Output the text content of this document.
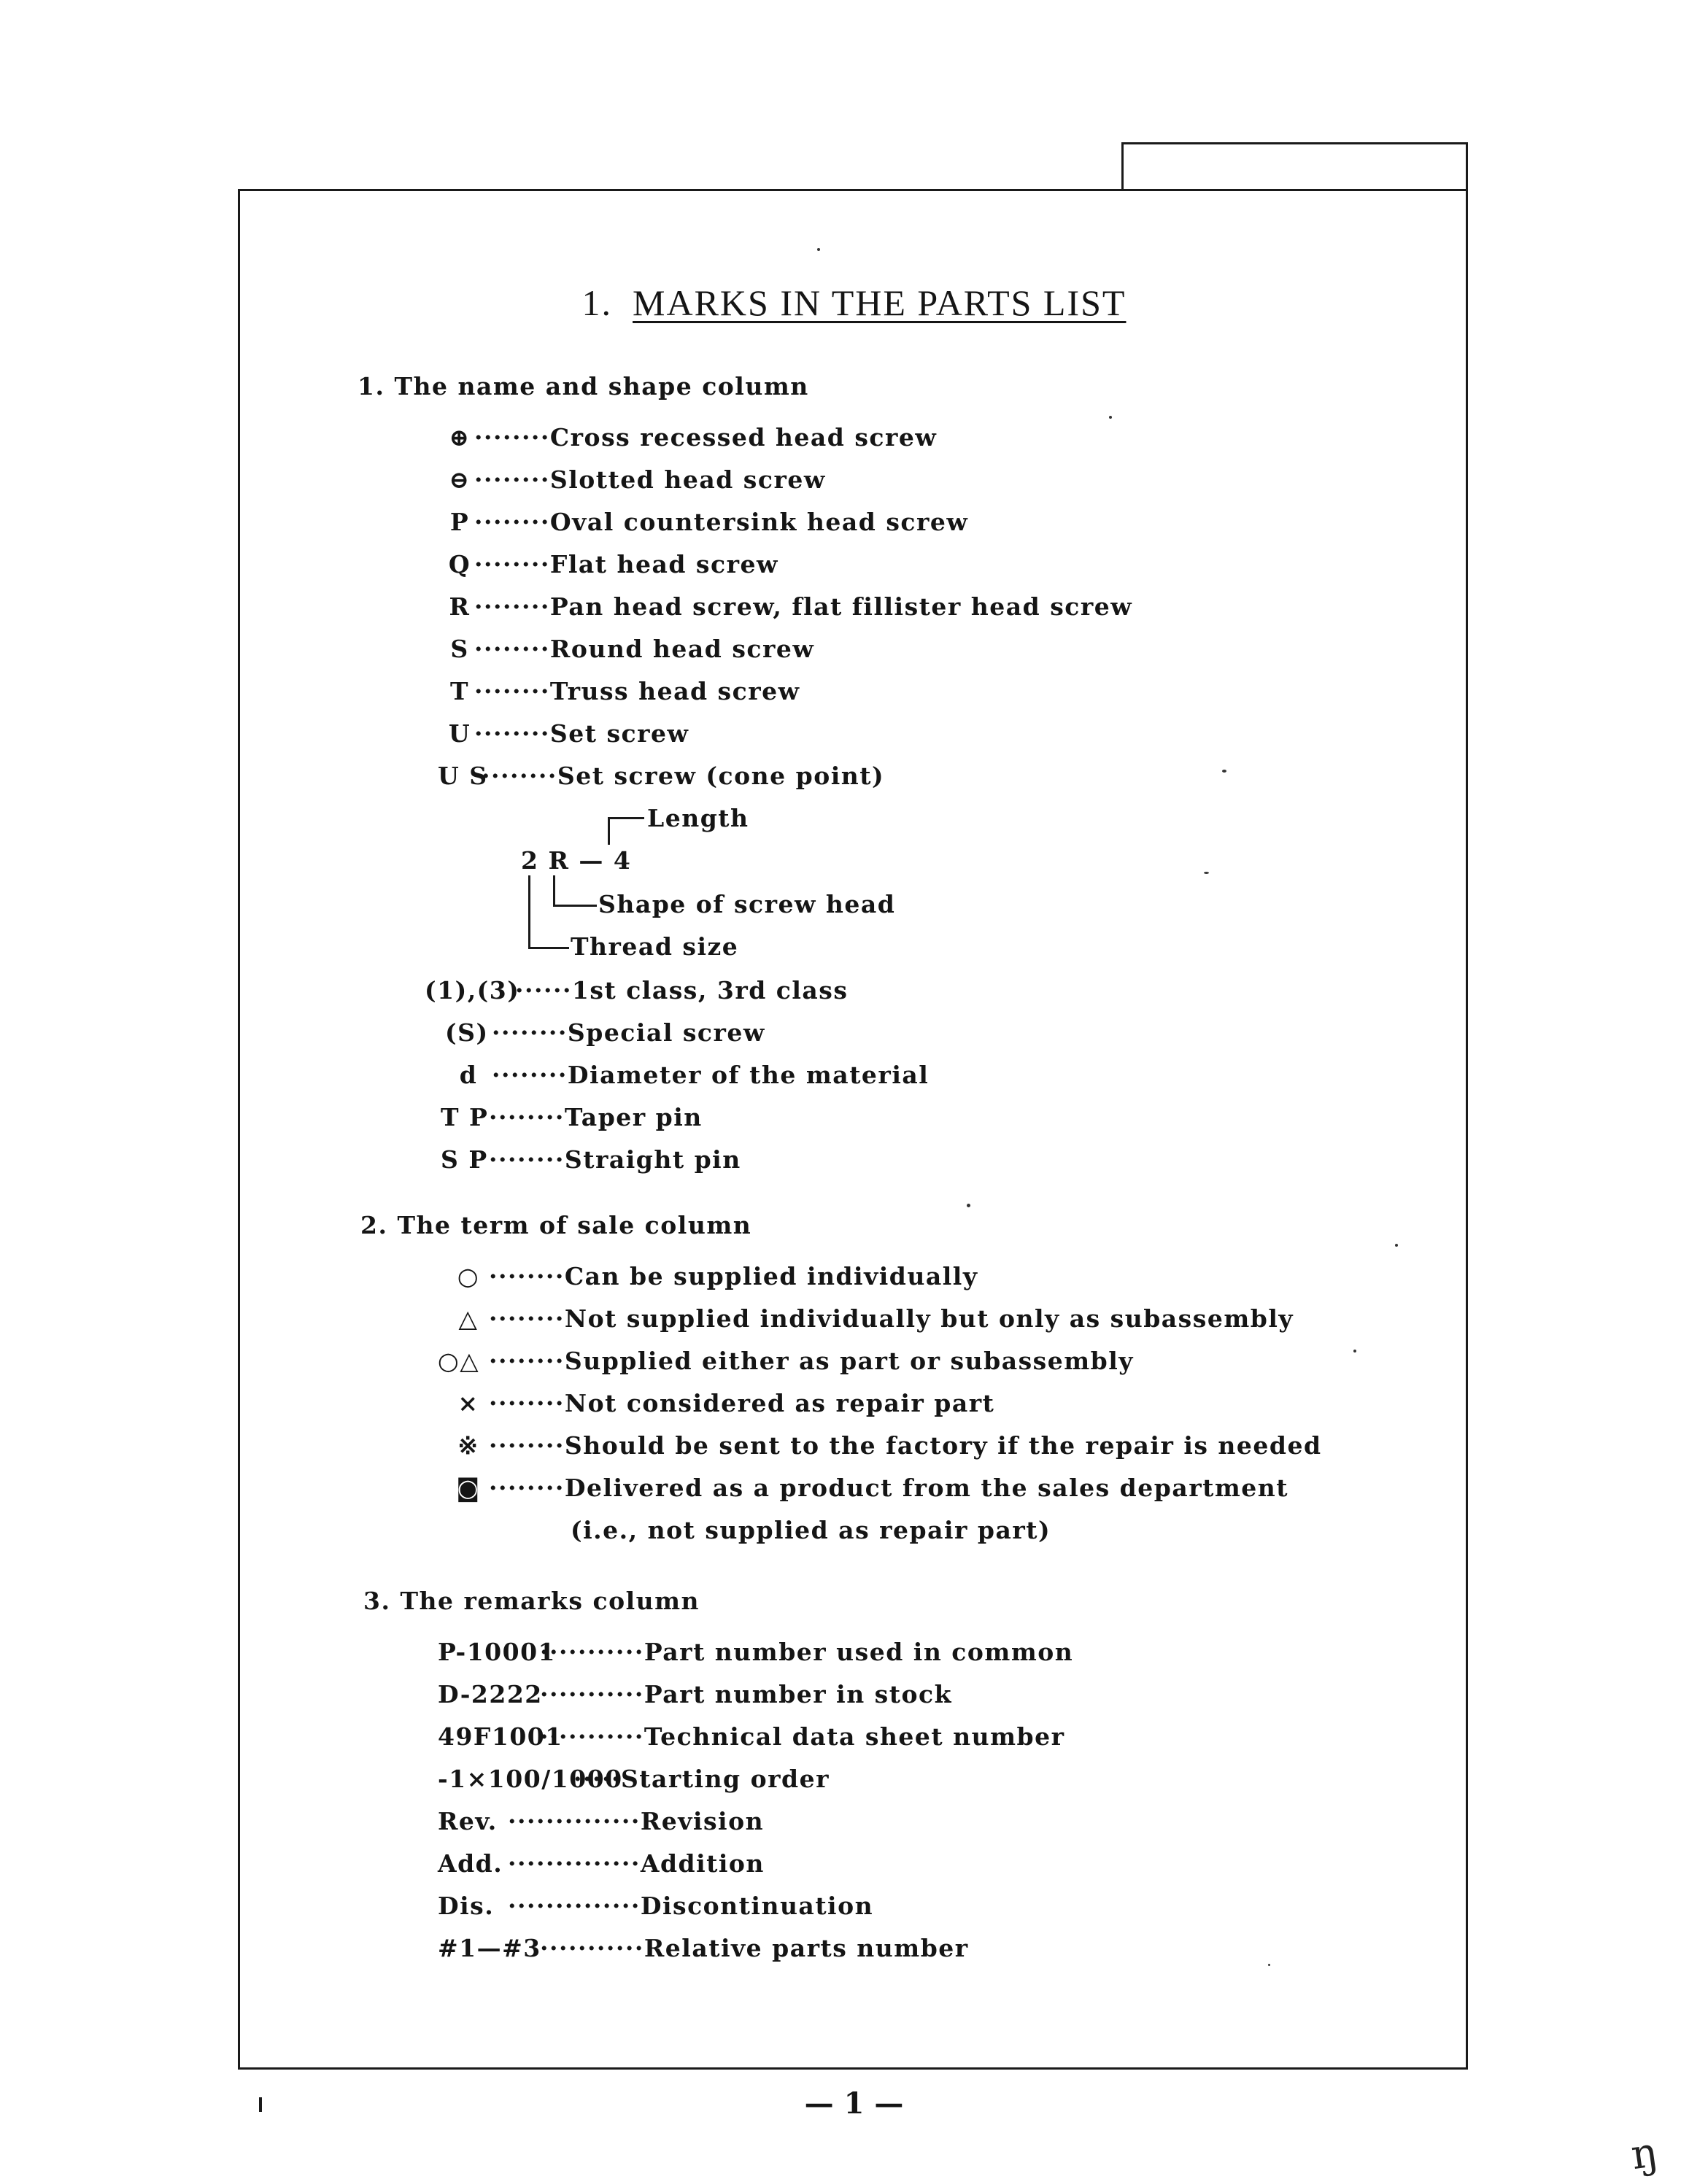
1. MARKS IN THE PARTS LIST
1. The name and shape column
⊕ ········Cross recessed head screw
⊖ ········Slotted head screw
P ········Oval countersink head screw
Q ········Flat head screw
R ········Pan head screw, flat fillister head screw
S ········Round head screw
T ········Truss head screw
U ········Set screw
U S········Set screw (cone point)
Length
2 R — 4
Shape of screw head
Thread size
(1),(3)······1st class, 3rd class
(S) ········Special screw
d ········Diameter of the material
T P········Taper pin
S P········Straight pin
2. The term of sale column
○ ········Can be supplied individually
△ ········Not supplied individually but only as subassembly
○△ ········Supplied either as part or subassembly
× ········Not considered as repair part
※ ········Should be sent to the factory if the repair is needed
◙ ········Delivered as a product from the sales department
(i.e., not supplied as repair part)
3. The remarks column
P-10001···········Part number used in common
D-2222···········Part number in stock
49F1001···········Technical data sheet number
-1×100/1000·····Starting order
Rev. ··············Revision
Add. ··············Addition
Dis. ··············Discontinuation
#1—#3···········Relative parts number
— 1 —
ŋ
